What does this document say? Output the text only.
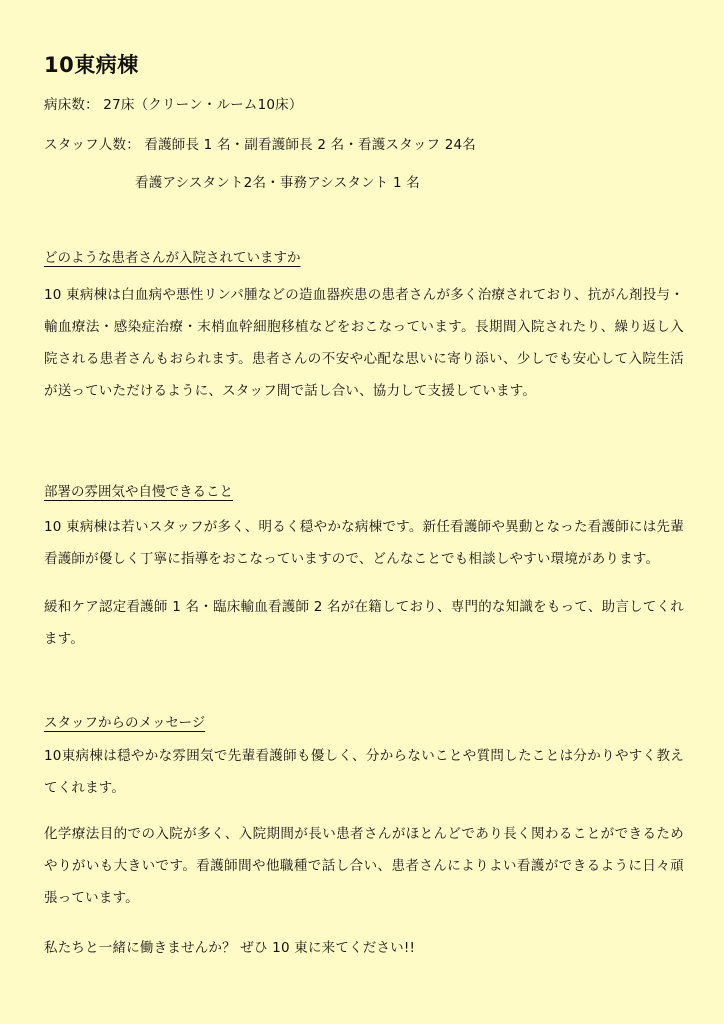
10東病棟
病床数： 27床（クリーン・ルーム10床）
スタッフ人数： 看護師長 1 名・副看護師長 2 名・看護スタッフ 24名
看護アシスタント2名・事務アシスタント 1 名
どのような患者さんが入院されていますか

10 東病棟は白血病や悪性リンパ腫などの造血器疾患の患者さんが多く治療されており、抗がん剤投与・輸血療法・感染症治療・末梢血幹細胞移植などをおこなっています。長期間入院されたり、繰り返し入院される患者さんもおられます。患者さんの不安や心配な思いに寄り添い、少しでも安心して入院生活が送っていただけるように、スタッフ間で話し合い、協力して支援しています。

部署の雰囲気や自慢できること

10 東病棟は若いスタッフが多く、明るく穏やかな病棟です。新任看護師や異動となった看護師には先輩看護師が優しく丁寧に指導をおこなっていますので、どんなことでも相談しやすい環境があります。

緩和ケア認定看護師 1 名・臨床輸血看護師 2 名が在籍しており、専門的な知識をもって、助言してくれます。

スタッフからのメッセージ

10東病棟は穏やかな雰囲気で先輩看護師も優しく、分からないことや質問したことは分かりやすく教えてくれます。

化学療法目的での入院が多く、入院期間が長い患者さんがほとんどであり長く関わることができるためやりがいも大きいです。看護師間や他職種で話し合い、患者さんによりよい看護ができるように日々頑張っています。

私たちと一緒に働きませんか？ ぜひ 10 東に来てください!!
